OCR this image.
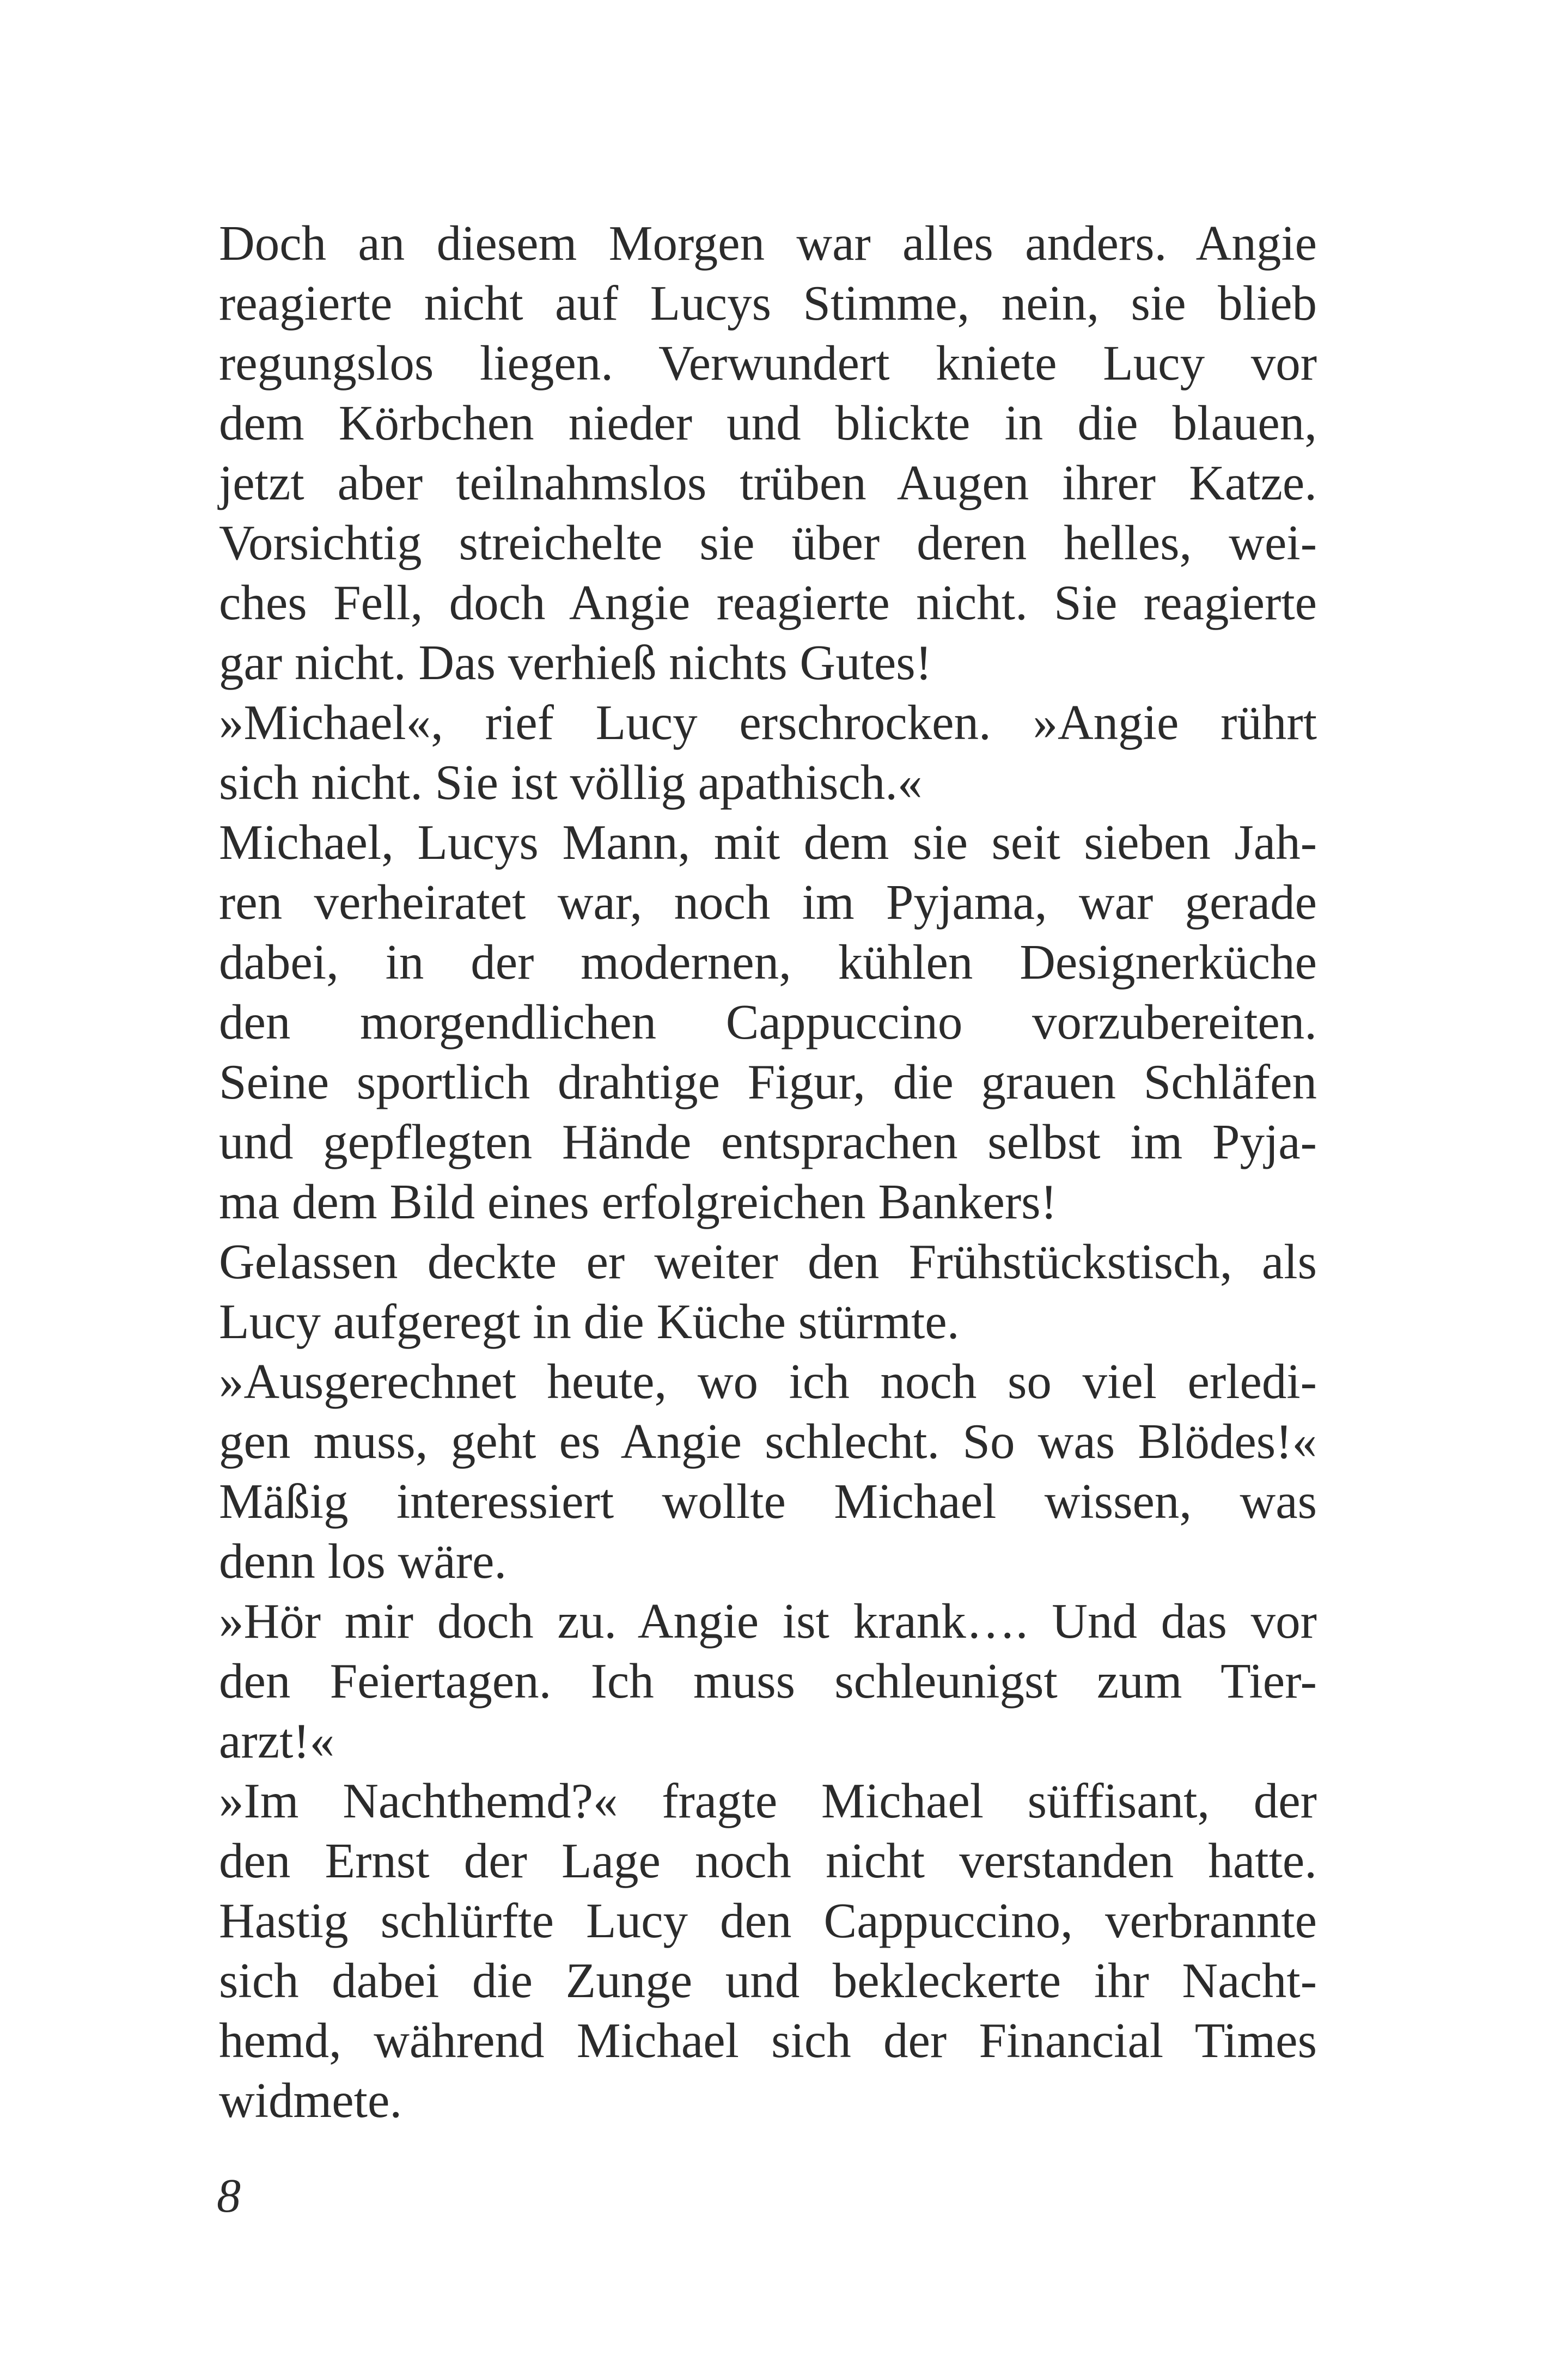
Doch an diesem Morgen war alles anders. Angie
reagierte nicht auf Lucys Stimme, nein, sie blieb
regungslos liegen. Verwundert kniete Lucy vor
dem Körbchen nieder und blickte in die blauen,
jetzt aber teilnahmslos trüben Augen ihrer Katze.
Vorsichtig streichelte sie über deren helles, wei-
ches Fell, doch Angie reagierte nicht. Sie reagierte
gar nicht. Das verhieß nichts Gutes!
»Michael«, rief Lucy erschrocken. »Angie rührt
sich nicht. Sie ist völlig apathisch.«
Michael, Lucys Mann, mit dem sie seit sieben Jah-
ren verheiratet war, noch im Pyjama, war gerade
dabei, in der modernen, kühlen Designerküche
den morgendlichen Cappuccino vorzubereiten.
Seine sportlich drahtige Figur, die grauen Schläfen
und gepflegten Hände entsprachen selbst im Pyja-
ma dem Bild eines erfolgreichen Bankers!
Gelassen deckte er weiter den Frühstückstisch, als
Lucy aufgeregt in die Küche stürmte.
»Ausgerechnet heute, wo ich noch so viel erledi-
gen muss, geht es Angie schlecht. So was Blödes!«
Mäßig interessiert wollte Michael wissen, was
denn los wäre.
»Hör mir doch zu. Angie ist krank…. Und das vor
den Feiertagen. Ich muss schleunigst zum Tier-
arzt!«
»Im Nachthemd?« fragte Michael süffisant, der
den Ernst der Lage noch nicht verstanden hatte.
Hastig schlürfte Lucy den Cappuccino, verbrannte
sich dabei die Zunge und bekleckerte ihr Nacht-
hemd, während Michael sich der Financial Times
widmete.
8
